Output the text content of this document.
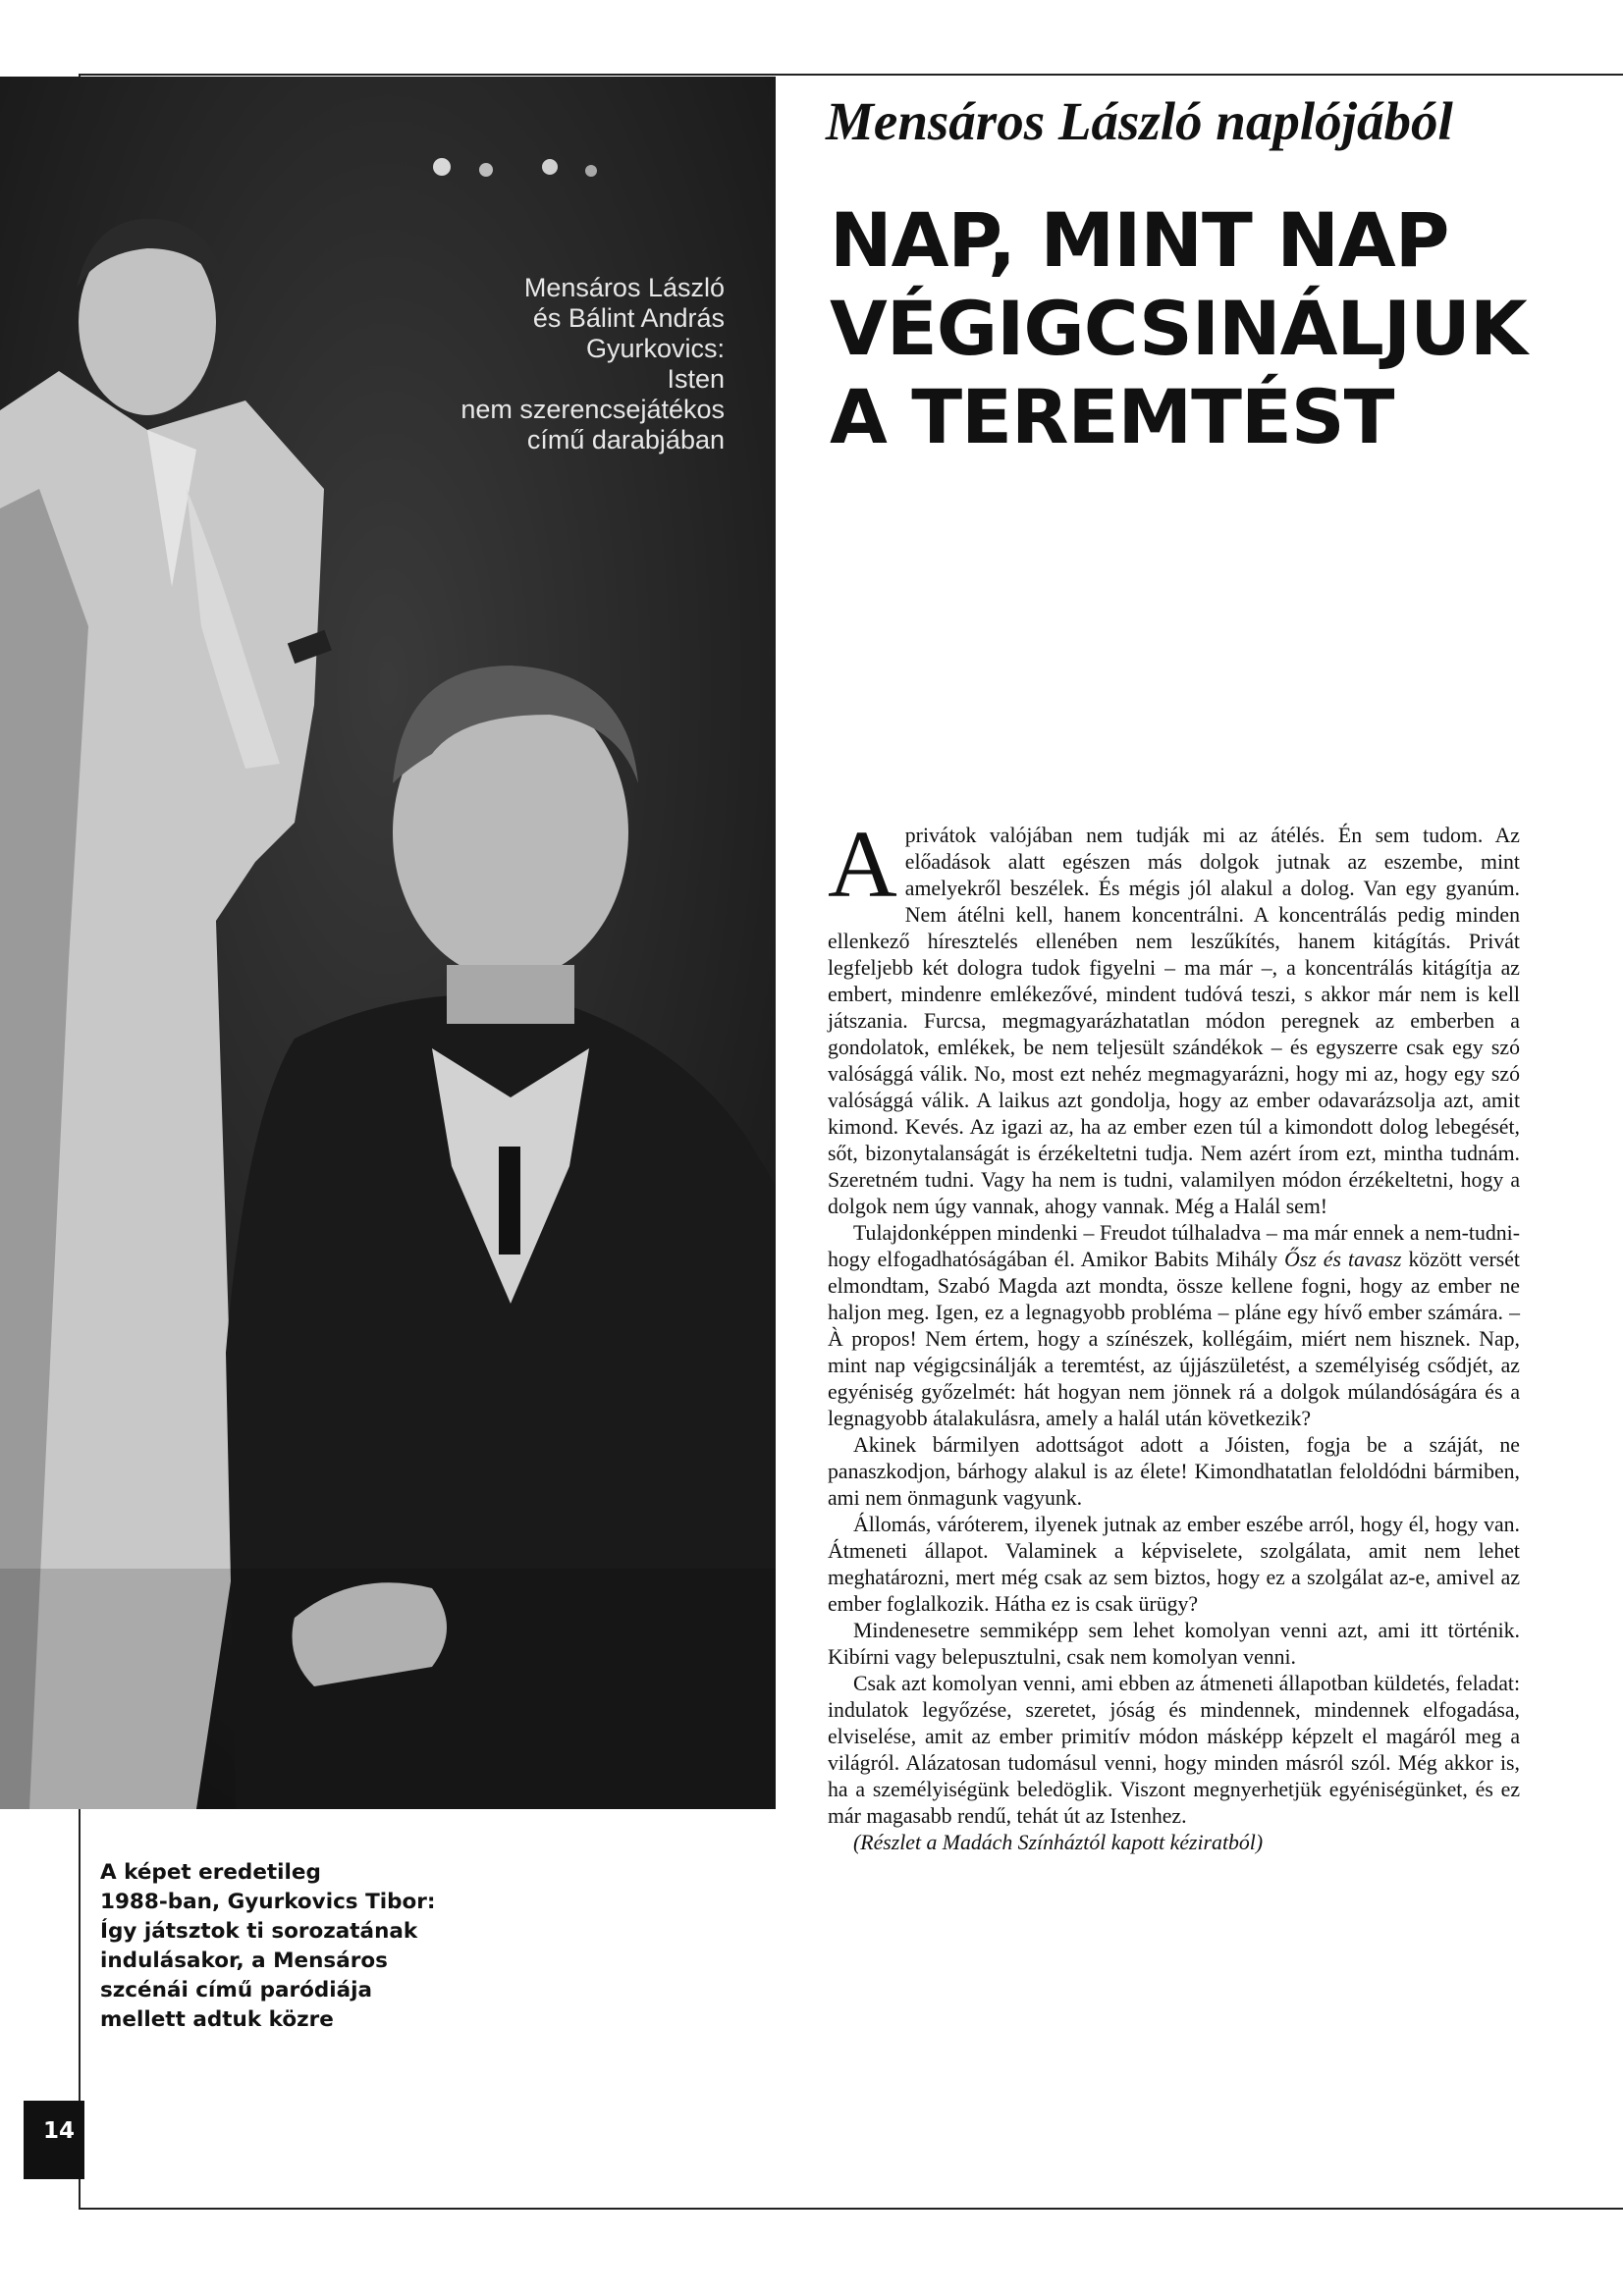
Mensáros László
és Bálint András
Gyurkovics:
Isten
nem szerencsejátékos
című darabjában
Mensáros László naplójából
NAP, MINT NAP
VÉGIGCSINÁLJUK
A TEREMTÉST

A privátok valójában nem tudják mi az átélés. Én sem tudom. Az előadások alatt egészen más dolgok jutnak az eszembe, mint amelyekről beszélek. És mégis jól alakul a dolog. Van egy gyanúm. Nem átélni kell, hanem koncentrálni. A koncentrálás pedig minden ellenkező híresztelés ellenében nem leszűkítés, hanem kitágítás. Privát legfeljebb két dologra tudok figyelni – ma már –, a koncentrálás kitágítja az embert, mindenre emlékezővé, mindent tudóvá teszi, s akkor már nem is kell játszania. Furcsa, megmagyarázhatatlan módon peregnek az emberben a gondolatok, emlékek, be nem teljesült szándékok – és egyszerre csak egy szó valósággá válik. No, most ezt nehéz megmagyarázni, hogy mi az, hogy egy szó valósággá válik. A laikus azt gondolja, hogy az ember odavarázsolja azt, amit kimond. Kevés. Az igazi az, ha az ember ezen túl a kimondott dolog lebegését, sőt, bizonytalanságát is érzékeltetni tudja. Nem azért írom ezt, mintha tudnám. Szeretném tudni. Vagy ha nem is tudni, valamilyen módon érzékeltetni, hogy a dolgok nem úgy vannak, ahogy vannak. Még a Halál sem!

Tulajdonképpen mindenki – Freudot túlhaladva – ma már ennek a nem-tudni-hogy elfogadhatóságában él. Amikor Babits Mihály Ősz és tavasz között versét elmondtam, Szabó Magda azt mondta, össze kellene fogni, hogy az ember ne haljon meg. Igen, ez a legnagyobb probléma – pláne egy hívő ember számára. – À propos! Nem értem, hogy a színészek, kollégáim, miért nem hisznek. Nap, mint nap végigcsinálják a teremtést, az újjászületést, a személyiség csődjét, az egyéniség győzelmét: hát hogyan nem jönnek rá a dolgok múlandóságára és a legnagyobb átalakulásra, amely a halál után következik?

Akinek bármilyen adottságot adott a Jóisten, fogja be a száját, ne panaszkodjon, bárhogy alakul is az élete! Kimondhatatlan feloldódni bármiben, ami nem önmagunk vagyunk.

Állomás, váróterem, ilyenek jutnak az ember eszébe arról, hogy él, hogy van. Átmeneti állapot. Valaminek a képviselete, szolgálata, amit nem lehet meghatározni, mert még csak az sem biztos, hogy ez a szolgálat az-e, amivel az ember foglalkozik. Hátha ez is csak ürügy?

Mindenesetre semmiképp sem lehet komolyan venni azt, ami itt történik. Kibírni vagy belepusztulni, csak nem komolyan venni.

Csak azt komolyan venni, ami ebben az átmeneti állapotban küldetés, feladat: indulatok legyőzése, szeretet, jóság és mindennek, mindennek elfogadása, elviselése, amit az ember primitív módon másképp képzelt el magáról meg a világról. Alázatosan tudomásul venni, hogy minden másról szól. Még akkor is, ha a személyiségünk beledöglik. Viszont megnyerhetjük egyéniségünket, és ez már magasabb rendű, tehát út az Istenhez.

(Részlet a Madách Színháztól kapott kéziratból)

A képet eredetileg
1988-ban, Gyurkovics Tibor:
Így játsztok ti sorozatának
indulásakor, a Mensáros
szcénái című paródiája
mellett adtuk közre
14
